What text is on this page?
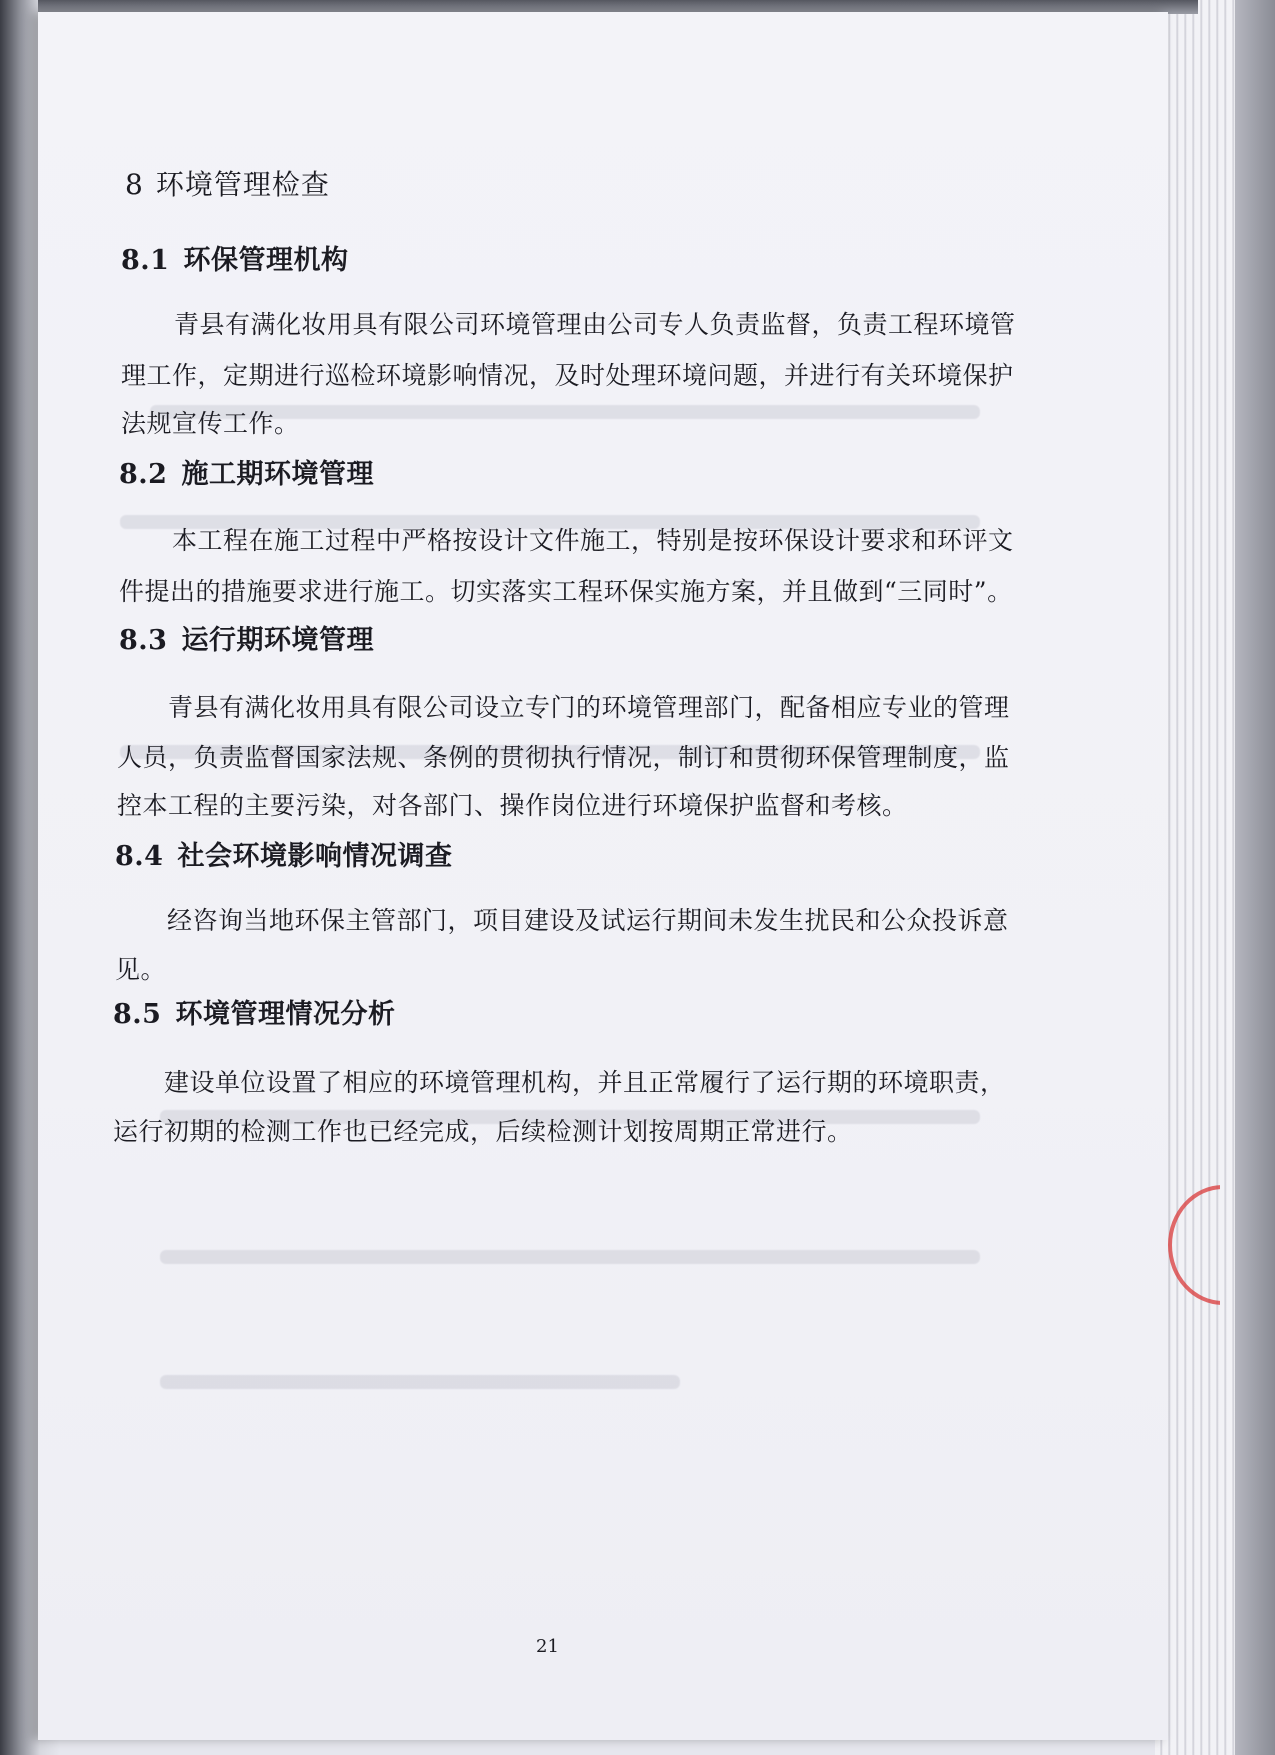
8 环境管理检查
8.1 环保管理机构
青县有满化妆用具有限公司环境管理由公司专人负责监督，负责工程环境管
理工作，定期进行巡检环境影响情况，及时处理环境问题，并进行有关环境保护
法规宣传工作。
8.2 施工期环境管理
本工程在施工过程中严格按设计文件施工，特别是按环保设计要求和环评文
件提出的措施要求进行施工。切实落实工程环保实施方案，并且做到“三同时”。
8.3 运行期环境管理
青县有满化妆用具有限公司设立专门的环境管理部门，配备相应专业的管理
人员，负责监督国家法规、条例的贯彻执行情况，制订和贯彻环保管理制度，监
控本工程的主要污染，对各部门、操作岗位进行环境保护监督和考核。
8.4 社会环境影响情况调查
经咨询当地环保主管部门，项目建设及试运行期间未发生扰民和公众投诉意
见。
8.5 环境管理情况分析
建设单位设置了相应的环境管理机构，并且正常履行了运行期的环境职责，
运行初期的检测工作也已经完成，后续检测计划按周期正常进行。
21
